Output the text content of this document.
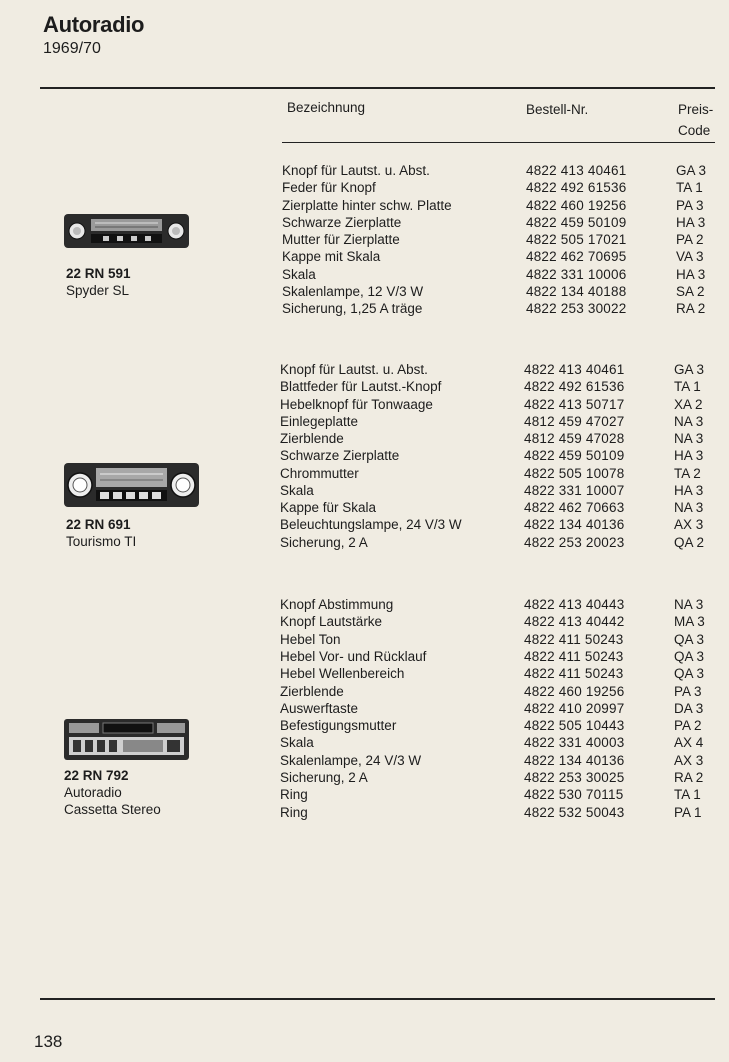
Autoradio
1969/70
Bezeichnung	Bestell-Nr.	Preis-
Code
22 RN 591
Spyder SL
22 RN 691
Tourismo TI
22 RN 792
Autoradio
Cassetta Stereo
Knopf für Lautst. u. Abst.	4822 413 40461	GA 3
Feder für Knopf	4822 492 61536	TA 1
Zierplatte hinter schw. Platte	4822 460 19256	PA 3
Schwarze Zierplatte	4822 459 50109	HA 3
Mutter für Zierplatte	4822 505 17021	PA 2
Kappe mit Skala	4822 462 70695	VA 3
Skala	4822 331 10006	HA 3
Skalenlampe, 12 V/3 W	4822 134 40188	SA 2
Sicherung, 1,25 A träge	4822 253 30022	RA 2
Knopf für Lautst. u. Abst.	4822 413 40461	GA 3
Blattfeder für Lautst.-Knopf	4822 492 61536	TA 1
Hebelknopf für Tonwaage	4822 413 50717	XA 2
Einlegeplatte	4812 459 47027	NA 3
Zierblende	4812 459 47028	NA 3
Schwarze Zierplatte	4822 459 50109	HA 3
Chrommutter	4822 505 10078	TA 2
Skala	4822 331 10007	HA 3
Kappe für Skala	4822 462 70663	NA 3
Beleuchtungslampe, 24 V/3 W	4822 134 40136	AX 3
Sicherung, 2 A	4822 253 20023	QA 2
Knopf Abstimmung	4822 413 40443	NA 3
Knopf Lautstärke	4822 413 40442	MA 3
Hebel Ton	4822 411 50243	QA 3
Hebel Vor- und Rücklauf	4822 411 50243	QA 3
Hebel Wellenbereich	4822 411 50243	QA 3
Zierblende	4822 460 19256	PA 3
Auswerftaste	4822 410 20997	DA 3
Befestigungsmutter	4822 505 10443	PA 2
Skala	4822 331 40003	AX 4
Skalenlampe, 24 V/3 W	4822 134 40136	AX 3
Sicherung, 2 A	4822 253 30025	RA 2
Ring	4822 530 70115	TA 1
Ring	4822 532 50043	PA 1
138
